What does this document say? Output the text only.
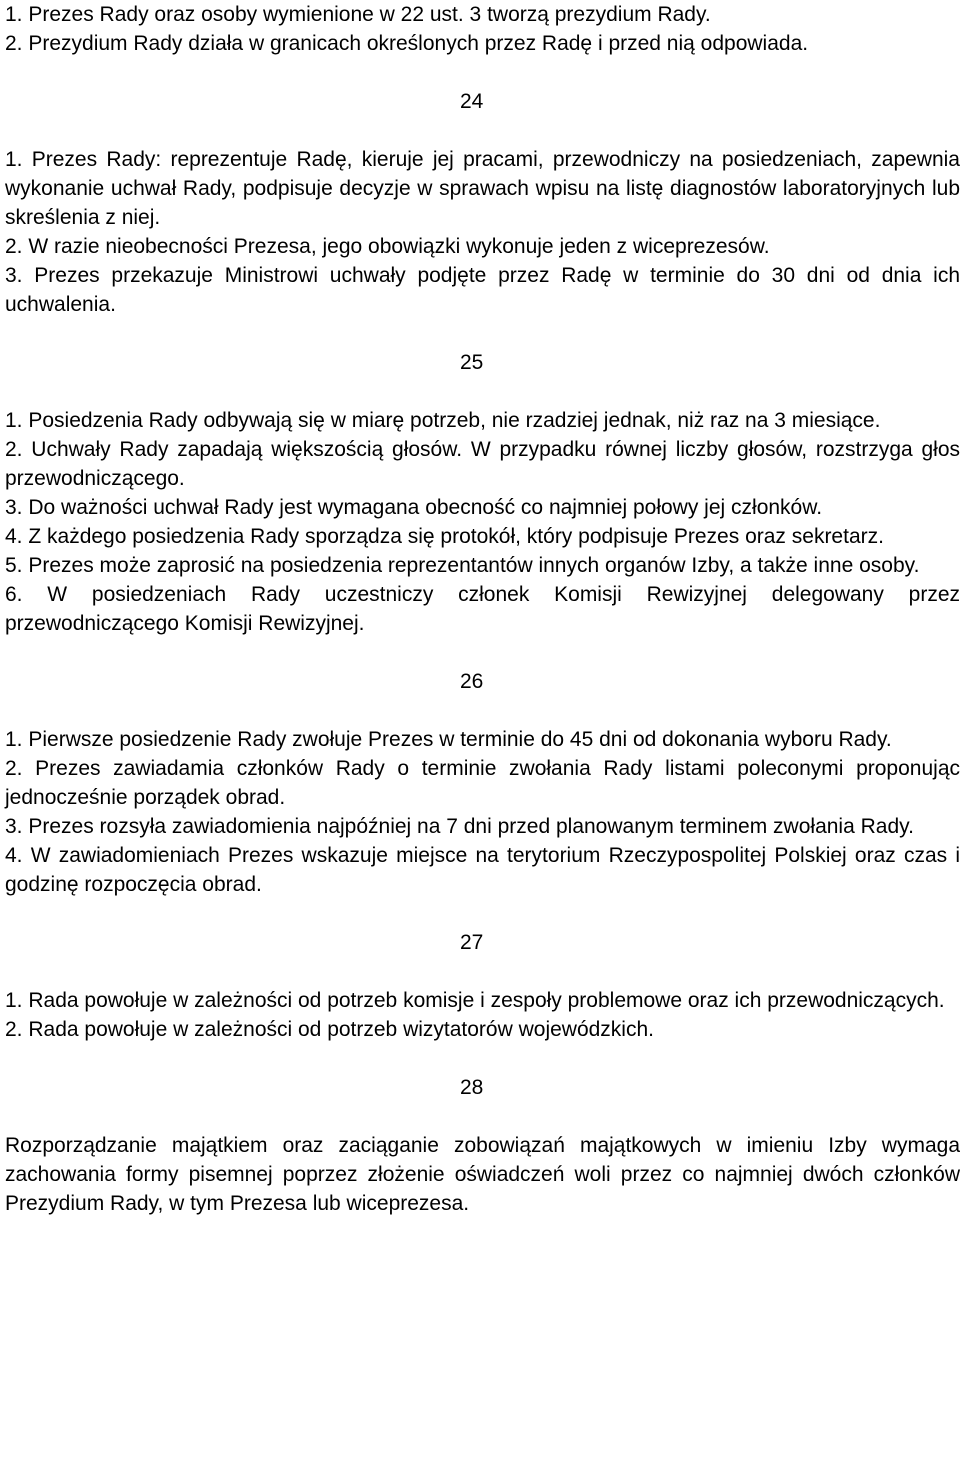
1. Prezes Rady oraz osoby wymienione w 22 ust. 3 tworzą prezydium Rady.

2. Prezydium Rady działa w granicach określonych przez Radę i przed nią odpowiada.

24

1. Prezes Rady: reprezentuje Radę, kieruje jej pracami, przewodniczy na posiedzeniach, zapewnia wykonanie uchwał Rady, podpisuje decyzje w sprawach wpisu na listę diagnostów laboratoryjnych lub skreślenia z niej.

2. W razie nieobecności Prezesa, jego obowiązki wykonuje jeden z wiceprezesów.

3. Prezes przekazuje Ministrowi uchwały podjęte przez Radę w terminie do 30 dni od dnia ich uchwalenia.

25

1. Posiedzenia Rady odbywają się w miarę potrzeb, nie rzadziej jednak, niż raz na 3 miesiące.

2. Uchwały Rady zapadają większością głosów. W przypadku równej liczby głosów, rozstrzyga głos przewodniczącego.

3. Do ważności uchwał Rady jest wymagana obecność co najmniej połowy jej członków.

4. Z każdego posiedzenia Rady sporządza się protokół, który podpisuje Prezes oraz sekretarz.

5. Prezes może zaprosić na posiedzenia reprezentantów innych organów Izby, a także inne osoby.

6. W posiedzeniach Rady uczestniczy członek Komisji Rewizyjnej delegowany przez przewodniczącego Komisji Rewizyjnej.

26

1. Pierwsze posiedzenie Rady zwołuje Prezes w terminie do 45 dni od dokonania wyboru Rady.

2. Prezes zawiadamia członków Rady o terminie zwołania Rady listami poleconymi proponując jednocześnie porządek obrad.

3. Prezes rozsyła zawiadomienia najpóźniej na 7 dni przed planowanym terminem zwołania Rady.

4. W zawiadomieniach Prezes wskazuje miejsce na terytorium Rzeczypospolitej Polskiej oraz czas i godzinę rozpoczęcia obrad.

27

1. Rada powołuje w zależności od potrzeb komisje i zespoły problemowe oraz ich przewodniczących.

2. Rada powołuje w zależności od potrzeb wizytatorów wojewódzkich.

28

Rozporządzanie majątkiem oraz zaciąganie zobowiązań majątkowych w imieniu Izby wymaga zachowania formy pisemnej poprzez złożenie oświadczeń woli przez co najmniej dwóch członków Prezydium Rady, w tym Prezesa lub wiceprezesa.
